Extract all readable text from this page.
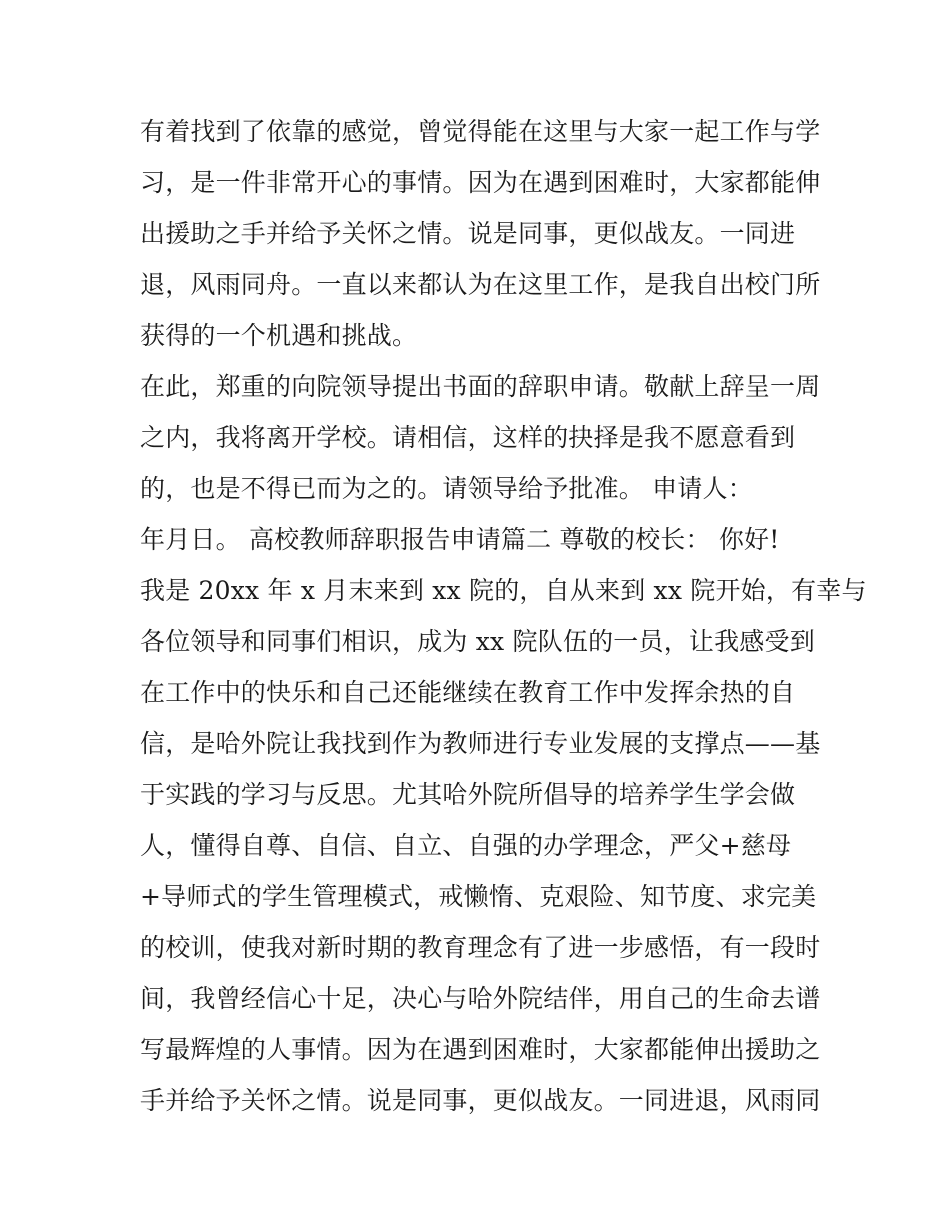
有着找到了依靠的感觉，曾觉得能在这里与大家一起工作与学
习，是一件非常开心的事情。因为在遇到困难时，大家都能伸
出援助之手并给予关怀之情。说是同事，更似战友。一同进
退，风雨同舟。一直以来都认为在这里工作，是我自出校门所
获得的一个机遇和挑战。
在此，郑重的向院领导提出书面的辞职申请。敬献上辞呈一周
之内，我将离开学校。请相信，这样的抉择是我不愿意看到
的，也是不得已而为之的。请领导给予批准。 申请人：
年月日。 高校教师辞职报告申请篇二 尊敬的校长： 你好!
我是 20xx 年 x 月末来到 xx 院的，自从来到 xx 院开始，有幸与
各位领导和同事们相识，成为 xx 院队伍的一员，让我感受到
在工作中的快乐和自己还能继续在教育工作中发挥余热的自
信，是哈外院让我找到作为教师进行专业发展的支撑点——基
于实践的学习与反思。尤其哈外院所倡导的培养学生学会做
人，懂得自尊、自信、自立、自强的办学理念，严父+慈母
+导师式的学生管理模式，戒懒惰、克艰险、知节度、求完美
的校训，使我对新时期的教育理念有了进一步感悟，有一段时
间，我曾经信心十足，决心与哈外院结伴，用自己的生命去谱
写最辉煌的人事情。因为在遇到困难时，大家都能伸出援助之
手并给予关怀之情。说是同事，更似战友。一同进退，风雨同
